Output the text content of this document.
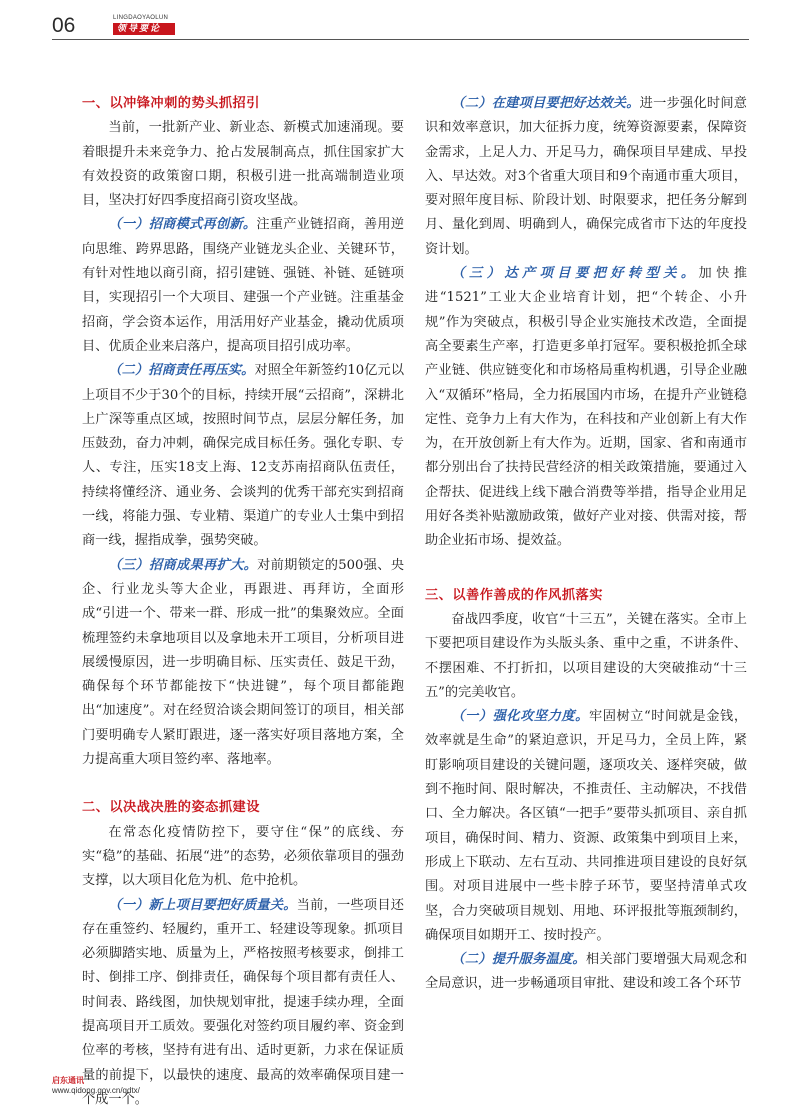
06	LINGDAOYAOLUN
领导要论
一、以冲锋冲刺的势头抓招引

当前，一批新产业、新业态、新模式加速涌现。要着眼提升未来竞争力、抢占发展制高点，抓住国家扩大有效投资的政策窗口期，积极引进一批高端制造业项目，坚决打好四季度招商引资攻坚战。

（一）招商模式再创新。注重产业链招商，善用逆向思维、跨界思路，围绕产业链龙头企业、关键环节，有针对性地以商引商，招引建链、强链、补链、延链项目，实现招引一个大项目、建强一个产业链。注重基金招商，学会资本运作，用活用好产业基金，撬动优质项目、优质企业来启落户，提高项目招引成功率。

（二）招商责任再压实。对照全年新签约10亿元以上项目不少于30个的目标，持续开展“云招商”，深耕北上广深等重点区域，按照时间节点，层层分解任务，加压鼓劲，奋力冲刺，确保完成目标任务。强化专职、专人、专注，压实18支上海、12支苏南招商队伍责任，持续将懂经济、通业务、会谈判的优秀干部充实到招商一线，将能力强、专业精、渠道广的专业人士集中到招商一线，握指成拳，强势突破。

（三）招商成果再扩大。对前期锁定的500强、央企、行业龙头等大企业，再跟进、再拜访，全面形成“引进一个、带来一群、形成一批”的集聚效应。全面梳理签约未拿地项目以及拿地未开工项目，分析项目进展缓慢原因，进一步明确目标、压实责任、鼓足干劲，确保每个环节都能按下“快进键”，每个项目都能跑出“加速度”。对在经贸洽谈会期间签订的项目，相关部门要明确专人紧盯跟进，逐一落实好项目落地方案，全力提高重大项目签约率、落地率。

二、以决战决胜的姿态抓建设

在常态化疫情防控下，要守住“保”的底线、夯实“稳”的基础、拓展“进”的态势，必须依靠项目的强劲支撑，以大项目化危为机、危中抢机。

（一）新上项目要把好质量关。当前，一些项目还存在重签约、轻履约，重开工、轻建设等现象。抓项目必须脚踏实地、质量为上，严格按照考核要求，倒排工时、倒排工序、倒排责任，确保每个项目都有责任人、时间表、路线图，加快规划审批，提速手续办理，全面提高项目开工质效。要强化对签约项目履约率、资金到位率的考核，坚持有进有出、适时更新，力求在保证质量的前提下，以最快的速度、最高的效率确保项目建一个成一个。

（二）在建项目要把好达效关。进一步强化时间意识和效率意识，加大征拆力度，统筹资源要素，保障资金需求，上足人力、开足马力，确保项目早建成、早投入、早达效。对3个省重大项目和9个南通市重大项目，要对照年度目标、阶段计划、时限要求，把任务分解到月、量化到周、明确到人，确保完成省市下达的年度投资计划。

（三）达产项目要把好转型关。加快推进“1521”工业大企业培育计划，把“个转企、小升规”作为突破点，积极引导企业实施技术改造，全面提高全要素生产率，打造更多单打冠军。要积极抢抓全球产业链、供应链变化和市场格局重构机遇，引导企业融入“双循环”格局，全力拓展国内市场，在提升产业链稳定性、竞争力上有大作为，在科技和产业创新上有大作为，在开放创新上有大作为。近期，国家、省和南通市都分别出台了扶持民营经济的相关政策措施，要通过入企帮扶、促进线上线下融合消费等举措，指导企业用足用好各类补贴激励政策，做好产业对接、供需对接，帮助企业拓市场、提效益。

三、以善作善成的作风抓落实

奋战四季度，收官“十三五”，关键在落实。全市上下要把项目建设作为头版头条、重中之重，不讲条件、不摆困难、不打折扣，以项目建设的大突破推动“十三五”的完美收官。

（一）强化攻坚力度。牢固树立“时间就是金钱，效率就是生命”的紧迫意识，开足马力，全员上阵，紧盯影响项目建设的关键问题，逐项攻关、逐样突破，做到不拖时间、限时解决，不推责任、主动解决，不找借口、全力解决。各区镇“一把手”要带头抓项目、亲自抓项目，确保时间、精力、资源、政策集中到项目上来，形成上下联动、左右互动、共同推进项目建设的良好氛围。对项目进展中一些卡脖子环节，要坚持清单式攻坚，合力突破项目规划、用地、环评报批等瓶颈制约，确保项目如期开工、按时投产。

（二）提升服务温度。相关部门要增强大局观念和全局意识，进一步畅通项目审批、建设和竣工各个环节

启东通讯
www.qidong.gov.cn/qdtx/
